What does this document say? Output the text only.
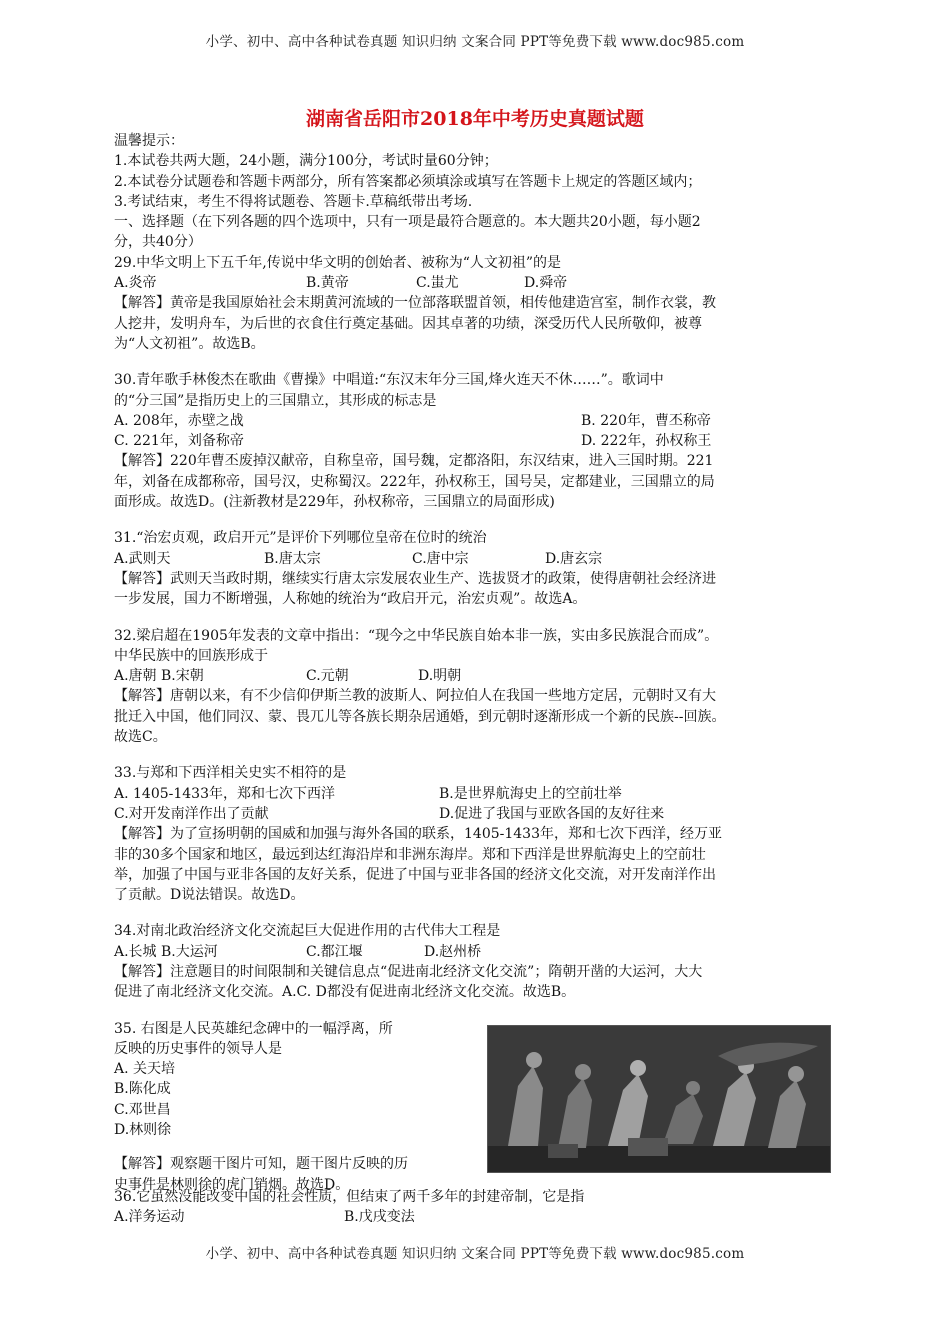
小学、初中、高中各种试卷真题 知识归纳 文案合同 PPT等免费下载 www.doc985.com
湖南省岳阳市2018年中考历史真题试题
温馨提示：
1.本试卷共两大题，24小题，满分100分，考试时量60分钟；
2.本试卷分试题卷和答题卡两部分，所有答案都必须填涂或填写在答题卡上规定的答题区域内；
3.考试结束，考生不得将试题卷、答题卡.草稿纸带出考场.
一、选择题（在下列各题的四个选项中，只有一项是最符合题意的。本大题共20小题，每小题2
分，共40分）
29.中华文明上下五千年,传说中华文明的创始者、被称为“人文初祖”的是
A.炎帝	B.黄帝	C.蚩尤	D.舜帝
【解答】黄帝是我国原始社会末期黄河流域的一位部落联盟首领，相传他建造宫室，制作衣裳，教
人挖井，发明舟车，为后世的衣食住行奠定基础。因其卓著的功绩，深受历代人民所敬仰，被尊
为“人文初祖”。故选B。
30.青年歌手林俊杰在歌曲《曹操》中唱道:“东汉末年分三国,烽火连天不休……”。歌词中
的“分三国”是指历史上的三国鼎立，其形成的标志是
A. 208年，赤壁之战	B. 220年，曹丕称帝
C. 221年，刘备称帝	D. 222年，孙权称王
【解答】220年曹丕废掉汉献帝，自称皇帝，国号魏，定都洛阳，东汉结束，进入三国时期。221
年，刘备在成都称帝，国号汉，史称蜀汉。222年，孙权称王，国号吴，定都建业，三国鼎立的局
面形成。故选D。(注新教材是229年，孙权称帝，三国鼎立的局面形成)
31.“治宏贞观，政启开元”是评价下列哪位皇帝在位时的统治
A.武则天	B.唐太宗	C.唐中宗	D.唐玄宗
【解答】武则天当政时期，继续实行唐太宗发展农业生产、选拔贤才的政策，使得唐朝社会经济进
一步发展，国力不断增强，人称她的统治为“政启开元，治宏贞观”。故选A。
32.梁启超在1905年发表的文章中指出：“现今之中华民族自始本非一族，实由多民族混合而成”。
中华民族中的回族形成于
A.唐朝 B.宋朝	C.元朝	D.明朝
【解答】唐朝以来，有不少信仰伊斯兰教的波斯人、阿拉伯人在我国一些地方定居，元朝时又有大
批迁入中国，他们同汉、蒙、畏兀儿等各族长期杂居通婚，到元朝时逐渐形成一个新的民族--回族。
故选C。
33.与郑和下西洋相关史实不相符的是
A. 1405-1433年，郑和七次下西洋	B.是世界航海史上的空前壮举
C.对开发南洋作出了贡献	D.促进了我国与亚欧各国的友好往来
【解答】为了宣扬明朝的国威和加强与海外各国的联系，1405-1433年，郑和七次下西洋，经万亚
非的30多个国家和地区，最远到达红海沿岸和非洲东海岸。郑和下西洋是世界航海史上的空前壮
举，加强了中国与亚非各国的友好关系，促进了中国与亚非各国的经济文化交流，对开发南洋作出
了贡献。D说法错误。故选D。
34.对南北政治经济文化交流起巨大促进作用的古代伟大工程是
A.长城 B.大运河	C.都江堰	D.赵州桥
【解答】注意题目的时间限制和关键信息点“促进南北经济文化交流”；隋朝开凿的大运河，大大
促进了南北经济文化交流。A.C. D都没有促进南北经济文化交流。故选B。
35. 右图是人民英雄纪念碑中的一幅浮离，所
反映的历史事件的领导人是
A. 关天培
B.陈化成
C.邓世昌
D.林则徐
【解答】观察题干图片可知，题干图片反映的历
史事件是林则徐的虎门销烟。故选D。
36.它虽然没能改变中国的社会性质，但结束了两千多年的封建帝制，它是指
A.洋务运动	B.戊戌变法
小学、初中、高中各种试卷真题 知识归纳 文案合同 PPT等免费下载 www.doc985.com
